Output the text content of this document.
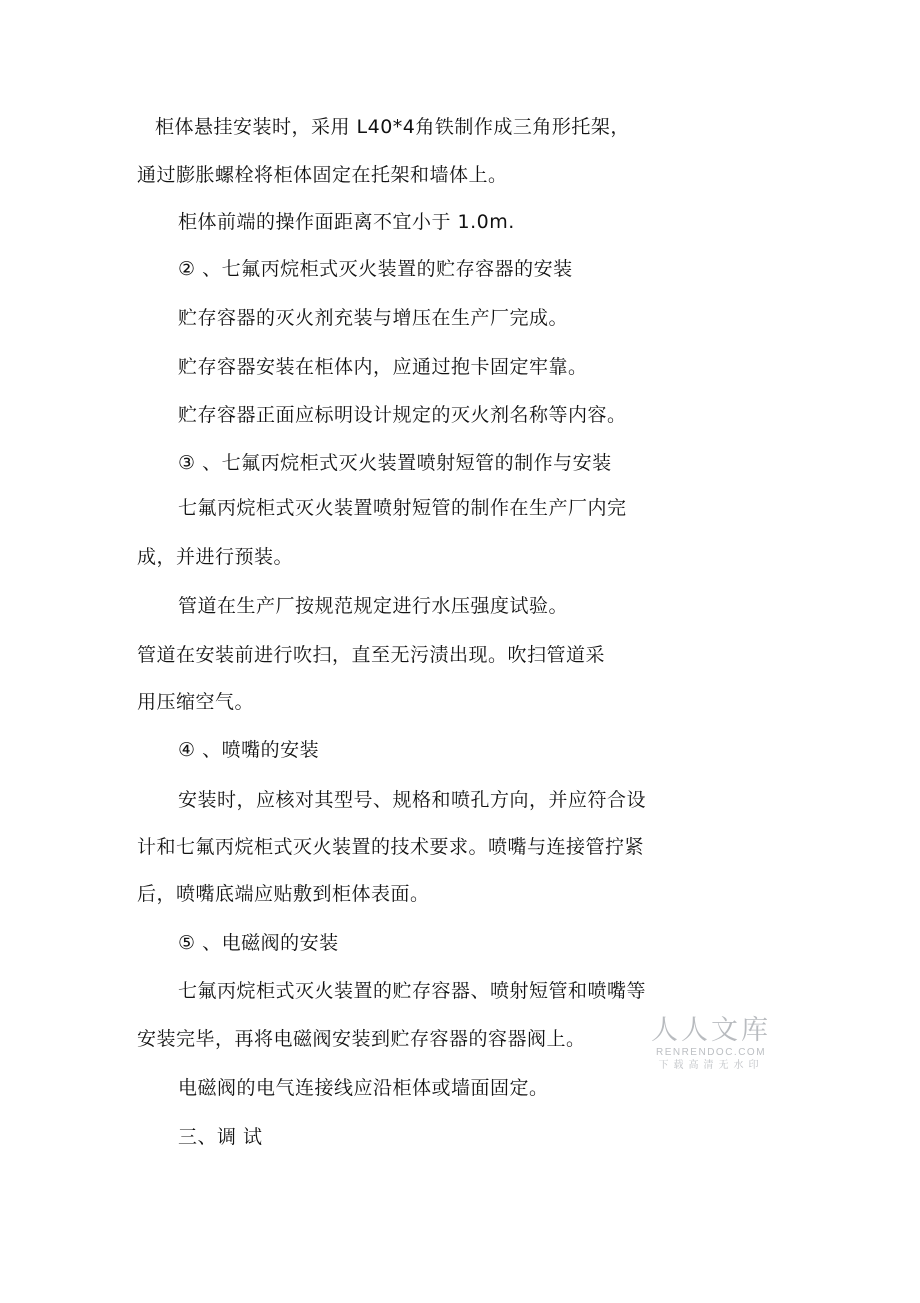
柜体悬挂安装时，采用 L40*4角铁制作成三角形托架，
通过膨胀螺栓将柜体固定在托架和墙体上。
柜体前端的操作面距离不宜小于 1.0m.
② 、七氟丙烷柜式灭火装置的贮存容器的安装
贮存容器的灭火剂充装与增压在生产厂完成。
贮存容器安装在柜体内，应通过抱卡固定牢靠。
贮存容器正面应标明设计规定的灭火剂名称等内容。
③ 、七氟丙烷柜式灭火装置喷射短管的制作与安装
七氟丙烷柜式灭火装置喷射短管的制作在生产厂内完
成，并进行预装。
管道在生产厂按规范规定进行水压强度试验。
管道在安装前进行吹扫，直至无污渍出现。吹扫管道采
用压缩空气。
④ 、喷嘴的安装
安装时，应核对其型号、规格和喷孔方向，并应符合设
计和七氟丙烷柜式灭火装置的技术要求。喷嘴与连接管拧紧
后，喷嘴底端应贴敷到柜体表面。
⑤ 、电磁阀的安装
七氟丙烷柜式灭火装置的贮存容器、喷射短管和喷嘴等
安装完毕，再将电磁阀安装到贮存容器的容器阀上。
电磁阀的电气连接线应沿柜体或墙面固定。
三、调 试
人人文库
RENRENDOC.COM
下载高清无水印
